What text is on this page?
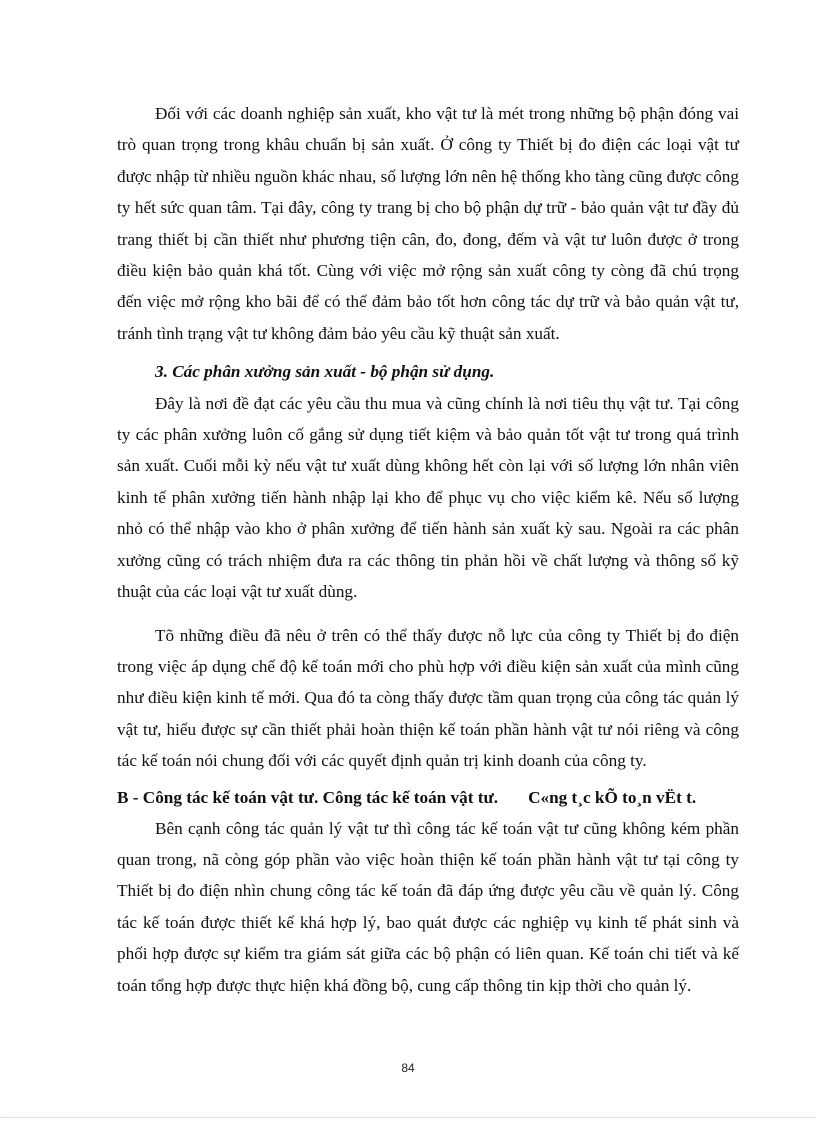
Đối với các doanh nghiệp sản xuất, kho vật tư là mét trong những bộ phận đóng vai trò quan trọng trong khâu chuẩn bị sản xuất. Ở công ty Thiết bị đo điện các loại vật tư được nhập từ nhiều nguồn khác nhau, số lượng lớn nên hệ thống kho tàng cũng được công ty hết sức quan tâm. Tại đây, công ty trang bị cho bộ phận dự trữ - bảo quản vật tư đầy đủ trang thiết bị cần thiết như phương tiện cân, đo, đong, đếm và vật tư luôn được ở trong điều kiện bảo quản khá tốt. Cùng với việc mở rộng sản xuất công ty còng đã chú trọng đến việc mở rộng kho bãi để có thể đảm bảo tốt hơn công tác dự trữ và bảo quản vật tư, tránh tình trạng vật tư không đảm bảo yêu cầu kỹ thuật sản xuất.

3. Các phân xưởng sản xuất - bộ phận sử dụng.

Đây là nơi đề đạt các yêu cầu thu mua và cũng chính là nơi tiêu thụ vật tư. Tại công ty các phân xưởng luôn cố gắng sử dụng tiết kiệm và bảo quản tốt vật tư trong quá trình sản xuất. Cuối mỗi kỳ nếu vật tư xuất dùng không hết còn lại với số lượng lớn nhân viên kinh tế phân xưởng tiến hành nhập lại kho để phục vụ cho việc kiểm kê. Nếu số lượng nhỏ có thể nhập vào kho ở phân xưởng để tiến hành sản xuất kỳ sau. Ngoài ra các phân xưởng cũng có trách nhiệm đưa ra các thông tin phản hồi về chất lượng và thông số kỹ thuật của các loại vật tư xuất dùng.

Tõ những điều đã nêu ở trên có thể thấy được nỗ lực của công ty Thiết bị đo điện trong việc áp dụng chế độ kế toán mới cho phù hợp với điều kiện sản xuất của mình cũng như điều kiện kinh tế mới. Qua đó ta còng thấy được tầm quan trọng của công tác quản lý vật tư, hiểu được sự cần thiết phải hoàn thiện kế toán phần hành vật tư nói riêng và công tác kế toán nói chung đối với các quyết định quản trị kinh doanh của công ty.

B - Công tác kế toán vật tư. Công tác kế toán vật tư. C«ng t¸c kÕ to¸n vËt t.

Bên cạnh công tác quản lý vật tư thì công tác kế toán vật tư cũng không kém phần quan trong, nã còng góp phần vào việc hoàn thiện kế toán phần hành vật tư tại công ty Thiết bị đo điện nhìn chung công tác kế toán đã đáp ứng được yêu cầu về quản lý. Công tác kế toán được thiết kế khá hợp lý, bao quát được các nghiệp vụ kinh tế phát sinh và phối hợp được sự kiểm tra giám sát giữa các bộ phận có liên quan. Kế toán chi tiết và kế toán tổng hợp được thực hiện khá đồng bộ, cung cấp thông tin kịp thời cho quản lý.

84
